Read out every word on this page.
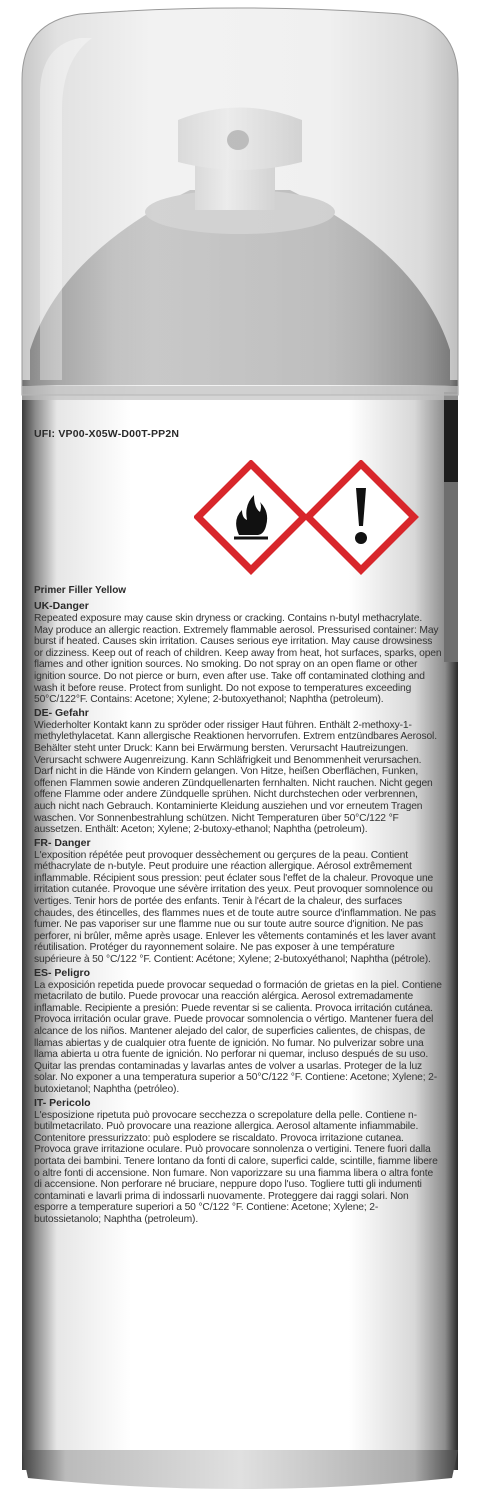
UFI: VP00-X05W-D00T-PP2N
Primer Filler Yellow
UK-Danger
Repeated exposure may cause skin dryness or cracking. Contains n-butyl methacrylate. May produce an allergic reaction. Extremely flammable aerosol. Pressurised container: May burst if heated. Causes skin irritation. Causes serious eye irritation. May cause drowsiness or dizziness. Keep out of reach of children. Keep away from heat, hot surfaces, sparks, open flames and other ignition sources. No smoking. Do not spray on an open flame or other ignition source. Do not pierce or burn, even after use. Take off contaminated clothing and wash it before reuse. Protect from sunlight. Do not expose to temperatures exceeding 50°C/122°F. Contains: Acetone; Xylene; 2-butoxyethanol; Naphtha (petroleum).
DE- Gefahr
Wiederholter Kontakt kann zu spröder oder rissiger Haut führen. Enthält 2-methoxy-1-methylethylacetat. Kann allergische Reaktionen hervorrufen. Extrem entzündbares Aerosol. Behälter steht unter Druck: Kann bei Erwärmung bersten. Verursacht Hautreizungen. Verursacht schwere Augenreizung. Kann Schläfrigkeit und Benommenheit verursachen. Darf nicht in die Hände von Kindern gelangen. Von Hitze, heißen Oberflächen, Funken, offenen Flammen sowie anderen Zündquellenarten fernhalten. Nicht rauchen. Nicht gegen offene Flamme oder andere Zündquelle sprühen. Nicht durchstechen oder verbrennen, auch nicht nach Gebrauch. Kontaminierte Kleidung ausziehen und vor erneutem Tragen waschen. Vor Sonnenbestrahlung schützen. Nicht Temperaturen über 50°C/122 °F aussetzen. Enthält: Aceton; Xylene; 2-butoxy-ethanol; Naphtha (petroleum).
FR- Danger
L'exposition répétée peut provoquer dessèchement ou gerçures de la peau. Contient méthacrylate de n-butyle. Peut produire une réaction allergique. Aérosol extrêmement inflammable. Récipient sous pression: peut éclater sous l'effet de la chaleur. Provoque une irritation cutanée. Provoque une sévère irritation des yeux. Peut provoquer somnolence ou vertiges. Tenir hors de portée des enfants. Tenir à l'écart de la chaleur, des surfaces chaudes, des étincelles, des flammes nues et de toute autre source d'inflammation. Ne pas fumer. Ne pas vaporiser sur une flamme nue ou sur toute autre source d'ignition. Ne pas perforer, ni brûler, même après usage. Enlever les vêtements contaminés et les laver avant réutilisation. Protéger du rayonnement solaire. Ne pas exposer à une température supérieure à 50 °C/122 °F. Contient: Acétone; Xylene; 2-butoxyéthanol; Naphtha (pétrole).
ES- Peligro
La exposición repetida puede provocar sequedad o formación de grietas en la piel. Contiene metacrilato de butilo. Puede provocar una reacción alérgica. Aerosol extremadamente inflamable. Recipiente a presión: Puede reventar si se calienta. Provoca irritación cutánea. Provoca irritación ocular grave. Puede provocar somnolencia o vértigo. Mantener fuera del alcance de los niños. Mantener alejado del calor, de superficies calientes, de chispas, de llamas abiertas y de cualquier otra fuente de ignición. No fumar. No pulverizar sobre una llama abierta u otra fuente de ignición. No perforar ni quemar, incluso después de su uso. Quitar las prendas contaminadas y lavarlas antes de volver a usarlas. Proteger de la luz solar. No exponer a una temperatura superior a 50°C/122 °F. Contiene: Acetone; Xylene; 2-butoxietanol; Naphtha (petróleo).
IT- Pericolo
L'esposizione ripetuta può provocare secchezza o screpolature della pelle. Contiene n-butilmetacrilato. Può provocare una reazione allergica. Aerosol altamente infiammabile. Contenitore pressurizzato: può esplodere se riscaldato. Provoca irritazione cutanea. Provoca grave irritazione oculare. Può provocare sonnolenza o vertigini. Tenere fuori dalla portata dei bambini. Tenere lontano da fonti di calore, superfici calde, scintille, fiamme libere o altre fonti di accensione. Non fumare. Non vaporizzare su una fiamma libera o altra fonte di accensione. Non perforare né bruciare, neppure dopo l'uso. Togliere tutti gli indumenti contaminati e lavarli prima di indossarli nuovamente. Proteggere dai raggi solari. Non esporre a temperature superiori a 50 °C/122 °F. Contiene: Acetone; Xylene; 2-butossietanolo; Naphtha (petroleum).
